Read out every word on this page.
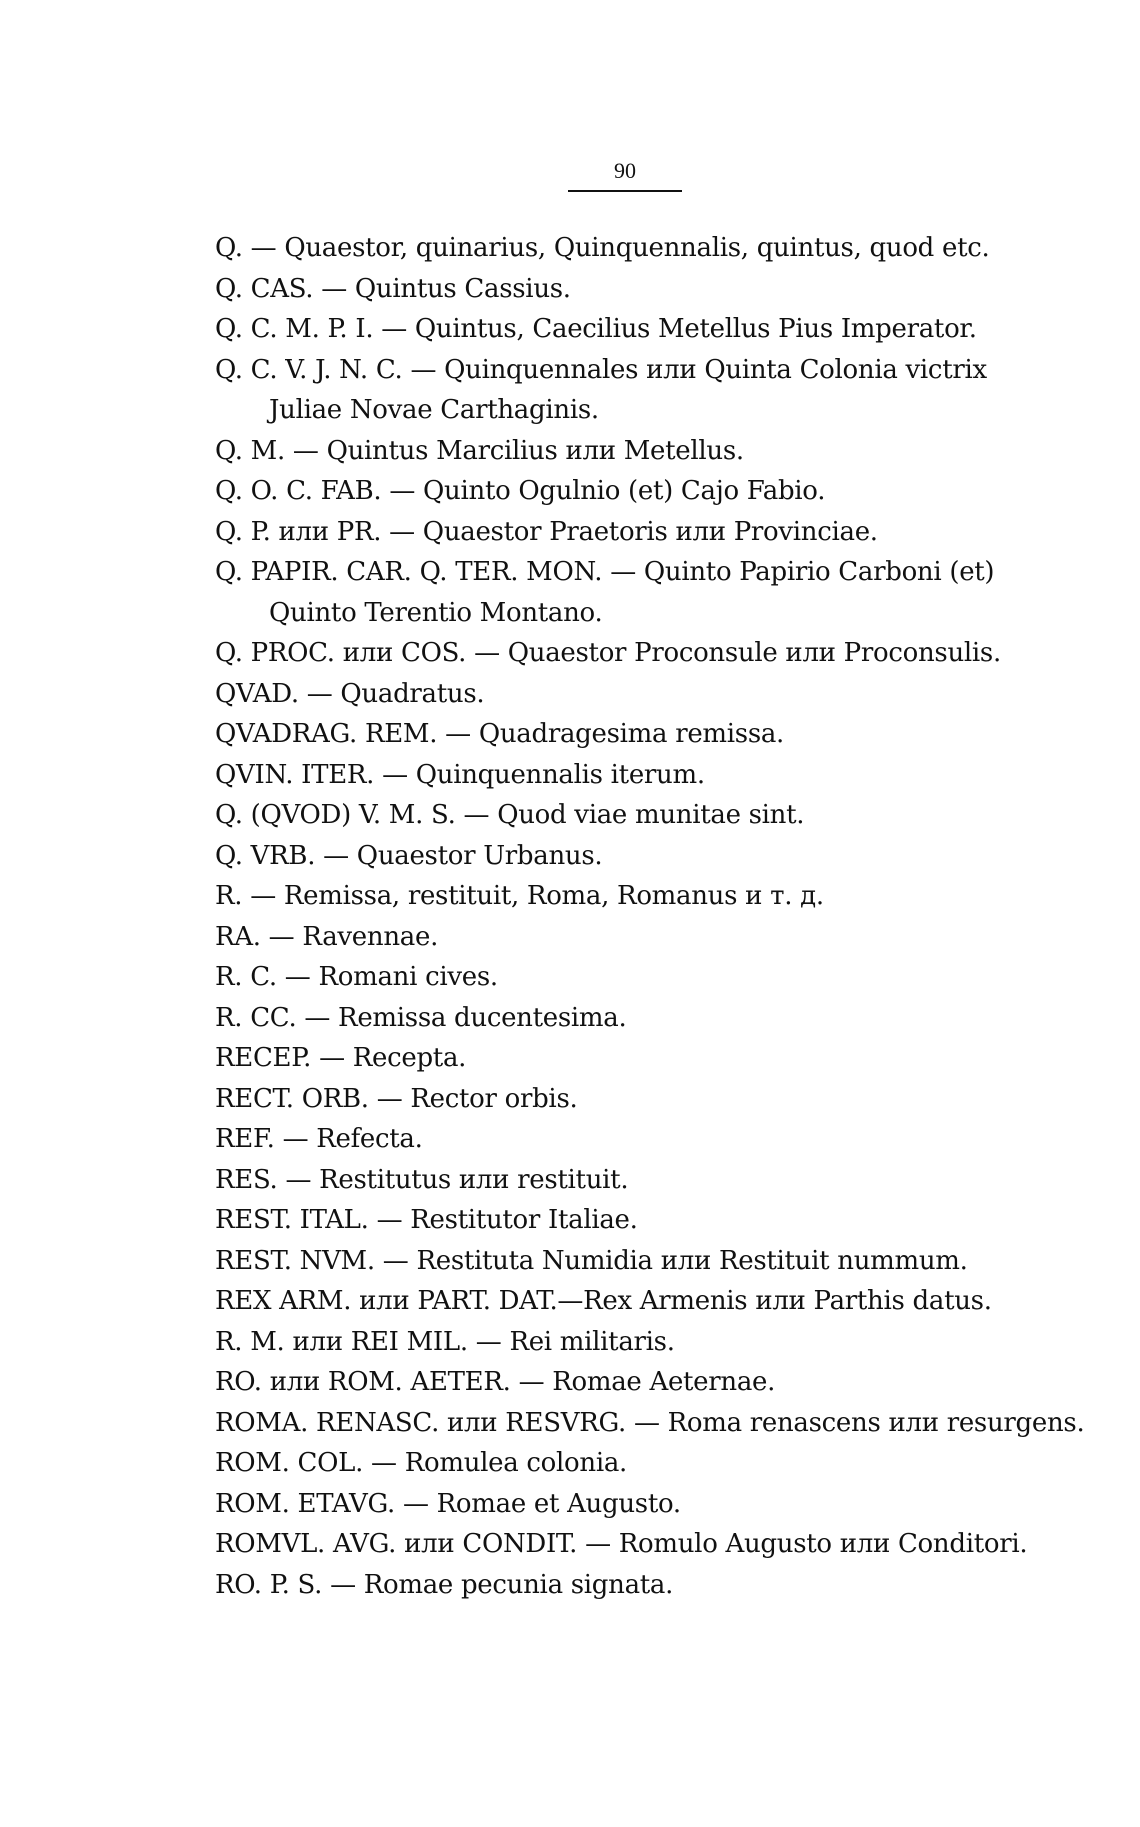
90
Q. — Quaestor, quinarius, Quinquennalis, quintus, quod etc.
Q. CAS. — Quintus Cassius.
Q. C. M. P. I. — Quintus, Caecilius Metellus Pius Imperator.
Q. C. V. J. N. C. — Quinquennales или Quinta Colonia victrix
Juliae Novae Carthaginis.
Q. M. — Quintus Marcilius или Metellus.
Q. O. C. FAB. — Quinto Ogulnio (et) Cajo Fabio.
Q. P. или PR. — Quaestor Praetoris или Provinciae.
Q. PAPIR. CAR. Q. TER. MON. — Quinto Papirio Carboni (et)
Quinto Terentio Montano.
Q. PROC. или COS. — Quaestor Proconsule или Proconsulis.
QVAD. — Quadratus.
QVADRAG. REM. — Quadragesima remissa.
QVIN. ITER. — Quinquennalis iterum.
Q. (QVOD) V. M. S. — Quod viae munitae sint.
Q. VRB. — Quaestor Urbanus.
R. — Remissa, restituit, Roma, Romanus и т. д.
RA. — Ravennae.
R. C. — Romani cives.
R. CC. — Remissa ducentesima.
RECEP. — Recepta.
RECT. ORB. — Rector orbis.
REF. — Refecta.
RES. — Restitutus или restituit.
REST. ITAL. — Restitutor Italiae.
REST. NVM. — Restituta Numidia или Restituit nummum.
REX ARM. или PART. DAT.—Rex Armenis или Parthis datus.
R. M. или REI MIL. — Rei militaris.
RO. или ROM. AETER. — Romae Aeternae.
ROMA. RENASC. или RESVRG. — Roma renascens или resurgens.
ROM. COL. — Romulea colonia.
ROM. ETAVG. — Romae et Augusto.
ROMVL. AVG. или CONDIT. — Romulo Augusto или Conditori.
RO. P. S. — Romae pecunia signata.
